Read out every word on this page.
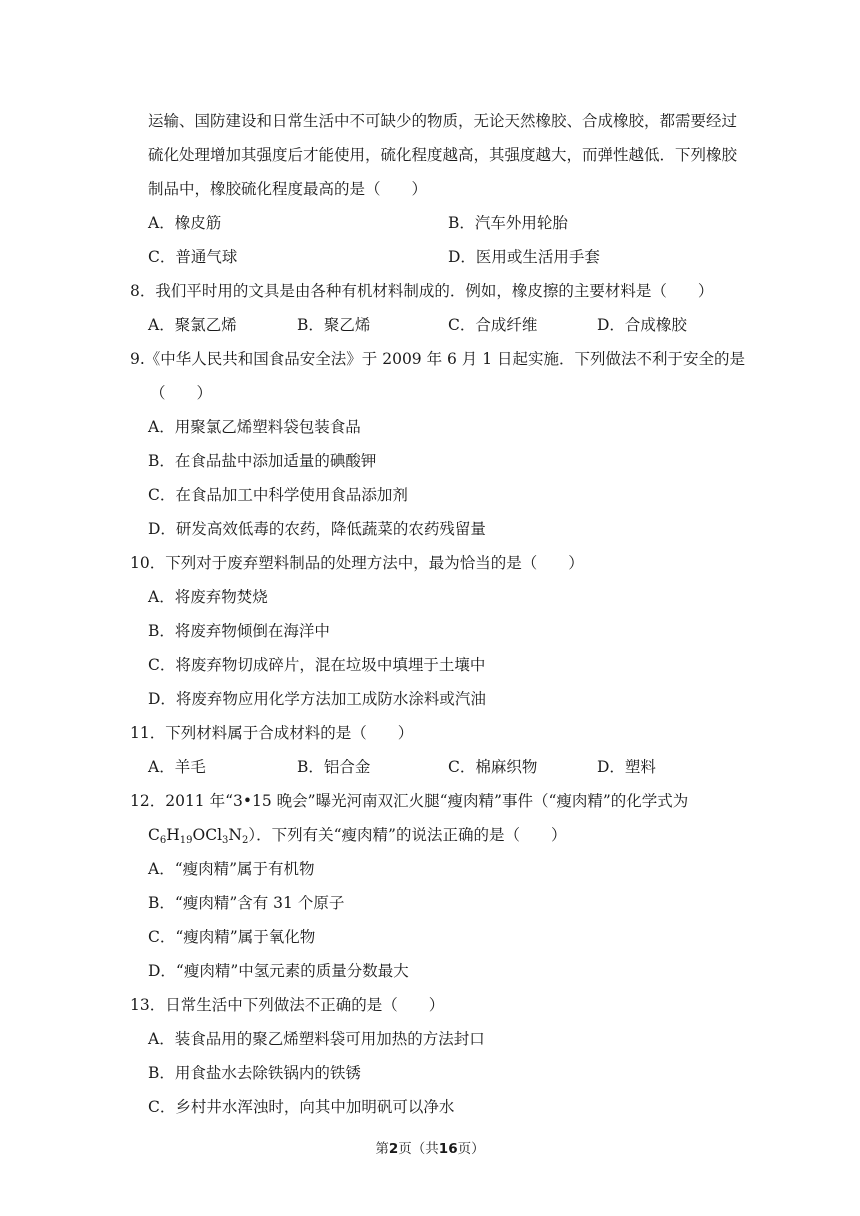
运输、国防建设和日常生活中不可缺少的物质，无论天然橡胶、合成橡胶，都需要经过
硫化处理增加其强度后才能使用，硫化程度越高，其强度越大，而弹性越低．下列橡胶
制品中，橡胶硫化程度最高的是（　　）
A．橡皮筋	B．汽车外用轮胎
C．普通气球	D．医用或生活用手套
8．我们平时用的文具是由各种有机材料制成的．例如，橡皮擦的主要材料是（　　）
A．聚氯乙烯	B．聚乙烯	C．合成纤维	D．合成橡胶
9.《中华人民共和国食品安全法》于 2009 年 6 月 1 日起实施．下列做法不利于安全的是
（　　）
A．用聚氯乙烯塑料袋包装食品
B．在食品盐中添加适量的碘酸钾
C．在食品加工中科学使用食品添加剂
D．研发高效低毒的农药，降低蔬菜的农药残留量
10．下列对于废弃塑料制品的处理方法中，最为恰当的是（　　）
A．将废弃物焚烧
B．将废弃物倾倒在海洋中
C．将废弃物切成碎片，混在垃圾中填埋于土壤中
D．将废弃物应用化学方法加工成防水涂料或汽油
11．下列材料属于合成材料的是（　　）
A．羊毛	B．铝合金	C．棉麻织物	D．塑料
12．2011 年“3•15 晚会”曝光河南双汇火腿“瘦肉精”事件（“瘦肉精”的化学式为
$C_6H_{19}OCl_3N_2$）．下列有关“瘦肉精”的说法正确的是（　　）
A．“瘦肉精”属于有机物
B．“瘦肉精”含有 31 个原子
C．“瘦肉精”属于氧化物
D．“瘦肉精”中氢元素的质量分数最大
13．日常生活中下列做法不正确的是（　　）
A．装食品用的聚乙烯塑料袋可用加热的方法封口
B．用食盐水去除铁锅内的铁锈
C．乡村井水浑浊时，向其中加明矾可以净水
第2页（共16页）
